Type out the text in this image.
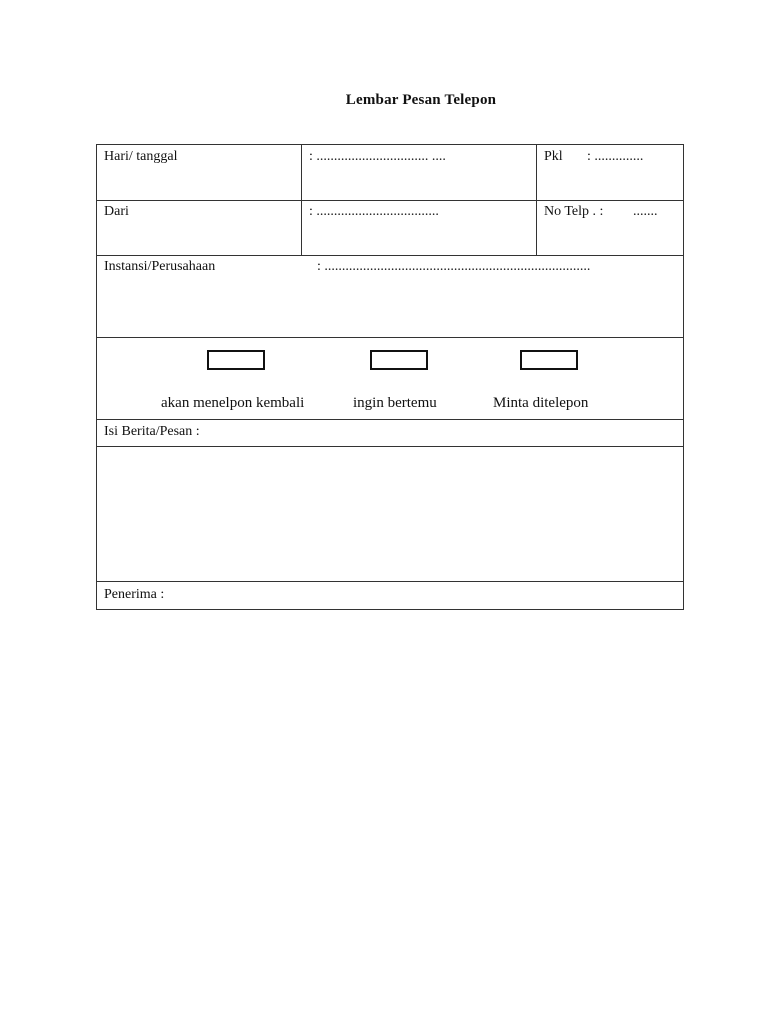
Lembar Pesan Telepon
Hari/ tanggal	: ................................ ....	Pkl : ..............
Dari	: ...................................	No Telp . : .......
Instansi/Perusahaan	: ............................................................................
akan menelpon kembali	ingin bertemu	Minta ditelepon
Isi Berita/Pesan :
Penerima :
